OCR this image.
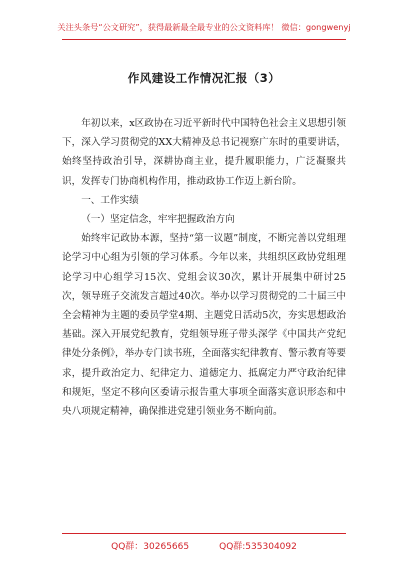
关注头条号“公文研究”，获得最新最全最专业的公文资料库！ 微信：gongwenyj
作风建设工作情况汇报（3）

年初以来，x区政协在习近平新时代中国特色社会主义思想引领下，深入学习贯彻党的XX大精神及总书记视察广东时的重要讲话，始终坚持政治引导，深耕协商主业，提升履职能力，广泛凝聚共识，发挥专门协商机构作用，推动政协工作迈上新台阶。

一、工作实绩

（一）坚定信念，牢牢把握政治方向

始终牢记政协本源，坚持“第一议题”制度，不断完善以党组理论学习中心组为引领的学习体系。今年以来，共组织区政协党组理论学习中心组学习15次、党组会议30次，累计开展集中研讨25次，领导班子交流发言超过40次。举办以学习贯彻党的二十届三中全会精神为主题的委员学堂4期、主题党日活动5次，夯实思想政治基础。深入开展党纪教育，党组领导班子带头深学《中国共产党纪律处分条例》，举办专门读书班，全面落实纪律教育、警示教育等要求，提升政治定力、纪律定力、道德定力、抵腐定力严守政治纪律和规矩，坚定不移向区委请示报告重大事项全面落实意识形态和中央八项规定精神，确保推进党建引领业务不断向前。

QQ群：30265665	QQ群:535304092
